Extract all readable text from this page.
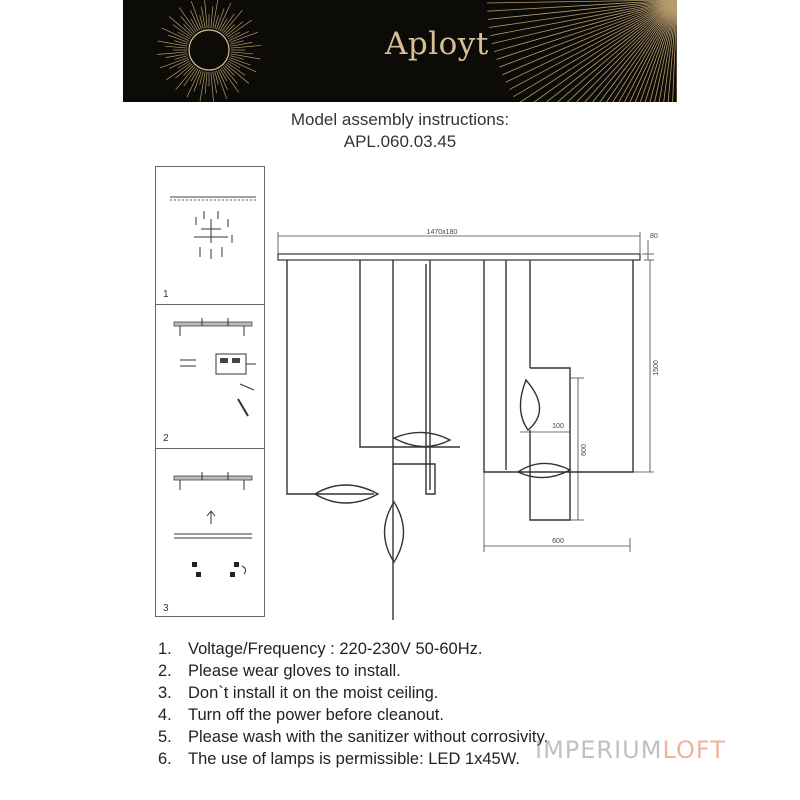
Aployt
Model assembly instructions:
APL.060.03.45
1
2
3
1470x180
80
1500
600
100
600
1. Voltage/Frequency : 220-230V 50-60Hz.
2. Please wear gloves to install.
3. Don`t install it on the moist ceiling.
4. Turn off the power before cleanout.
5. Please wash with the sanitizer without corrosivity.
6. The use of lamps is permissible: LED 1x45W. IMPERIUMLOFT
